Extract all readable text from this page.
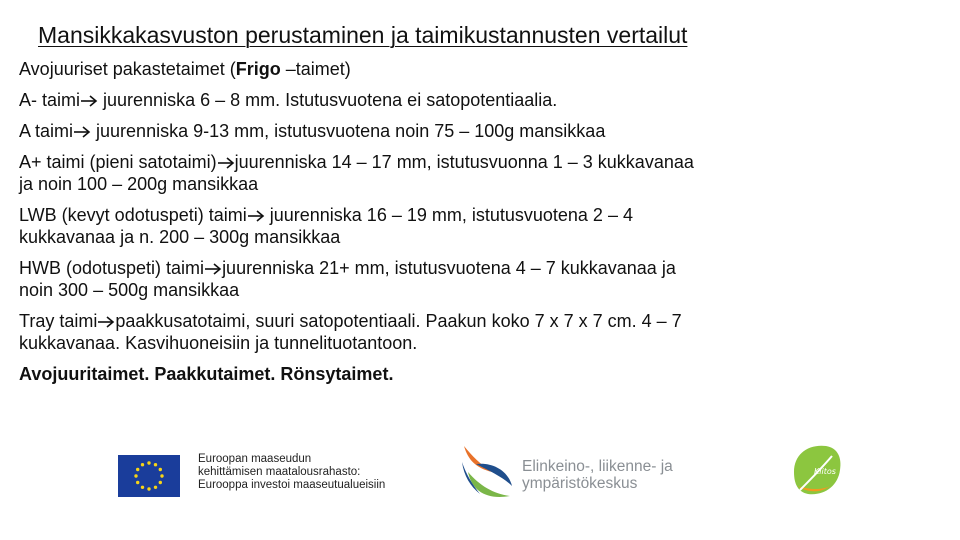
Mansikkakasvuston perustaminen ja taimikustannusten vertailut
Avojuuriset pakastetaimet (Frigo –taimet)
A- taimi juurenniska 6 – 8 mm. Istutusvuotena ei satopotentiaalia.
A taimi juurenniska 9-13 mm, istutusvuotena noin 75 – 100g mansikkaa
A+ taimi (pieni satotaimi) juurenniska 14 – 17 mm, istutusvuonna 1 – 3 kukkavanaa
ja noin 100 – 200g mansikkaa
LWB (kevyt odotuspeti) taimi juurenniska 16 – 19 mm, istutusvuotena 2 – 4
kukkavanaa ja n. 200 – 300g mansikkaa
HWB (odotuspeti) taimi juurenniska 21+ mm, istutusvuotena 4 – 7 kukkavanaa ja
noin 300 – 500g mansikkaa
Tray taimi paakkusatotaimi, suuri satopotentiaali. Paakun koko 7 x 7 x 7 cm. 4 – 7
kukkavanaa. Kasvihuoneisiin ja tunnelituotantoon.
Avojuuritaimet. Paakkutaimet. Rönsytaimet.
Euroopan maaseudun
kehittämisen maatalousrahasto:
Eurooppa investoi maaseutualueisiin
Elinkeino-, liikenne- ja
ympäristökeskus
Kiitos
